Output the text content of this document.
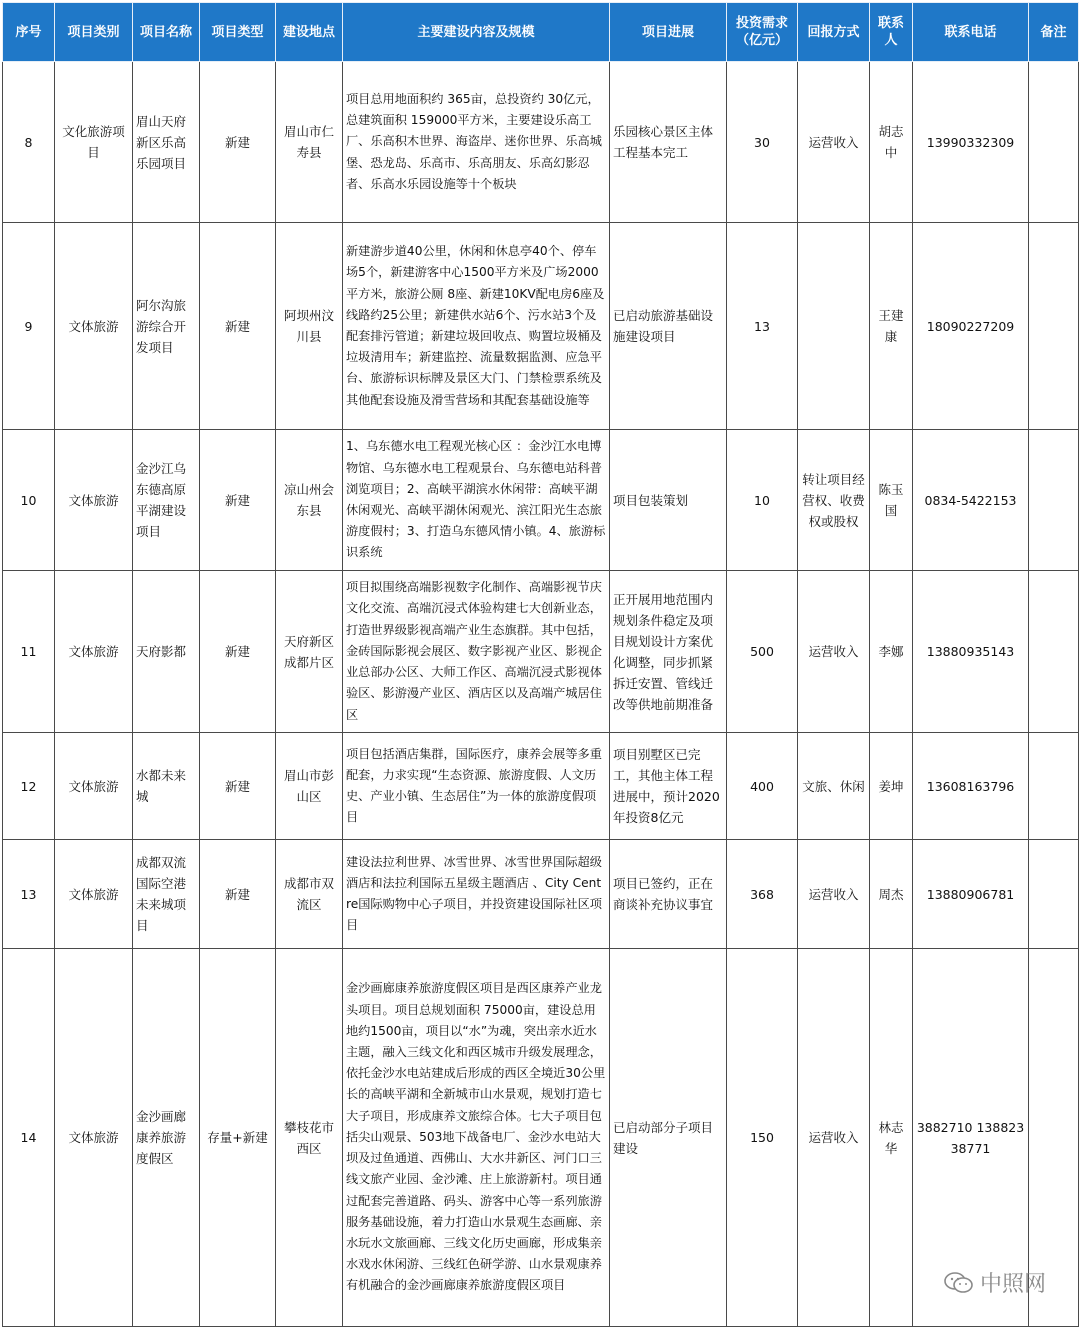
序号	项目类别	项目名称	项目类型	建设地点	主要建设内容及规模	项目进展	投资需求（亿元）	回报方式	联系人	联系电话	备注
8	文化旅游项目	眉山天府新区乐高乐园项目	新建	眉山市仁寿县	项目总用地面积约 365亩，总投资约 30亿元，总建筑面积 159000平方米，主要建设乐高工厂、乐高积木世界、海盗岸、迷你世界、乐高城堡、恐龙岛、乐高市、乐高朋友、乐高幻影忍者、乐高水乐园设施等十个板块	乐园核心景区主体工程基本完工	30	运营收入	胡志中	13990332309	
9	文体旅游	阿尔沟旅游综合开发项目	新建	阿坝州汶川县	新建游步道40公里，休闲和休息亭40个、停车场5个，新建游客中心1500平方米及广场2000平方米，旅游公厕 8座、新建10KV配电房6座及线路约25公里；新建供水站6个、污水站3个及配套排污管道；新建垃圾回收点、购置垃圾桶及垃圾清用车；新建监控、流量数据监测、应急平台、旅游标识标牌及景区大门、门禁检票系统及其他配套设施及滑雪营场和其配套基础设施等	已启动旅游基础设施建设项目	13		王建康	18090227209	
10	文体旅游	金沙江乌东德高原平湖建设项目	新建	凉山州会东县	1、乌东德水电工程观光核心区 ：金沙江水电博物馆、乌东德水电工程观景台、乌东德电站科普浏览项目；2、高峡平湖滨水休闲带：高峡平湖休闲观光、高峡平湖休闲观光、滨江阳光生态旅游度假村；3、打造乌东德风情小镇。4、旅游标识系统	项目包装策划	10	转让项目经营权、收费权或股权	陈玉国	0834-5422153	
11	文体旅游	天府影都	新建	天府新区成都片区	项目拟围绕高端影视数字化制作、高端影视节庆文化交流、高端沉浸式体验构建七大创新业态，打造世界级影视高端产业生态旗群。其中包括，金砖国际影视会展区、数字影视产业区、影视企业总部办公区、大师工作区、高端沉浸式影视体验区、影游漫产业区、酒店区以及高端产城居住区	正开展用地范围内规划条件稳定及项目规划设计方案优化调整，同步抓紧拆迁安置、管线迁改等供地前期准备	500	运营收入	李娜	13880935143	
12	文体旅游	水都未来城	新建	眉山市彭山区	项目包括酒店集群，国际医疗，康养会展等多重配套，力求实现“生态资源、旅游度假、人文历史、产业小镇、生态居住”为一体的旅游度假项目	项目别墅区已完工，其他主体工程进展中，预计2020年投资8亿元	400	文旅、休闲	姜坤	13608163796	
13	文体旅游	成都双流国际空港未来城项目	新建	成都市双流区	建设法拉利世界、冰雪世界、冰雪世界国际超级酒店和法拉利国际五星级主题酒店 、City Centre国际购物中心子项目，并投资建设国际社区项目	项目已签约，正在商谈补充协议事宜	368	运营收入	周杰	13880906781	
14	文体旅游	金沙画廊康养旅游度假区	存量+新建	攀枝花市西区	金沙画廊康养旅游度假区项目是西区康养产业龙头项目。项目总规划面积 75000亩，建设总用地约1500亩，项目以“水”为魂，突出亲水近水主题，融入三线文化和西区城市升级发展理念，依托金沙水电站建成后形成的西区全境近30公里长的高峡平湖和全新城市山水景观，规划打造七大子项目，形成康养文旅综合体。七大子项目包括尖山观景、503地下战备电厂、金沙水电站大坝及过鱼通道、西佛山、大水井新区、河门口三线文旅产业园、金沙滩、庄上旅游新村。项目通过配套完善道路、码头、游客中心等一系列旅游服务基础设施，着力打造山水景观生态画廊、亲水玩水文旅画廊、三线文化历史画廊，形成集亲水戏水休闲游、三线红色研学游、山水景观康养有机融合的金沙画廊康养旅游度假区项目	已启动部分子项目建设	150	运营收入	林志华	3882710 13882338771	
中照网
